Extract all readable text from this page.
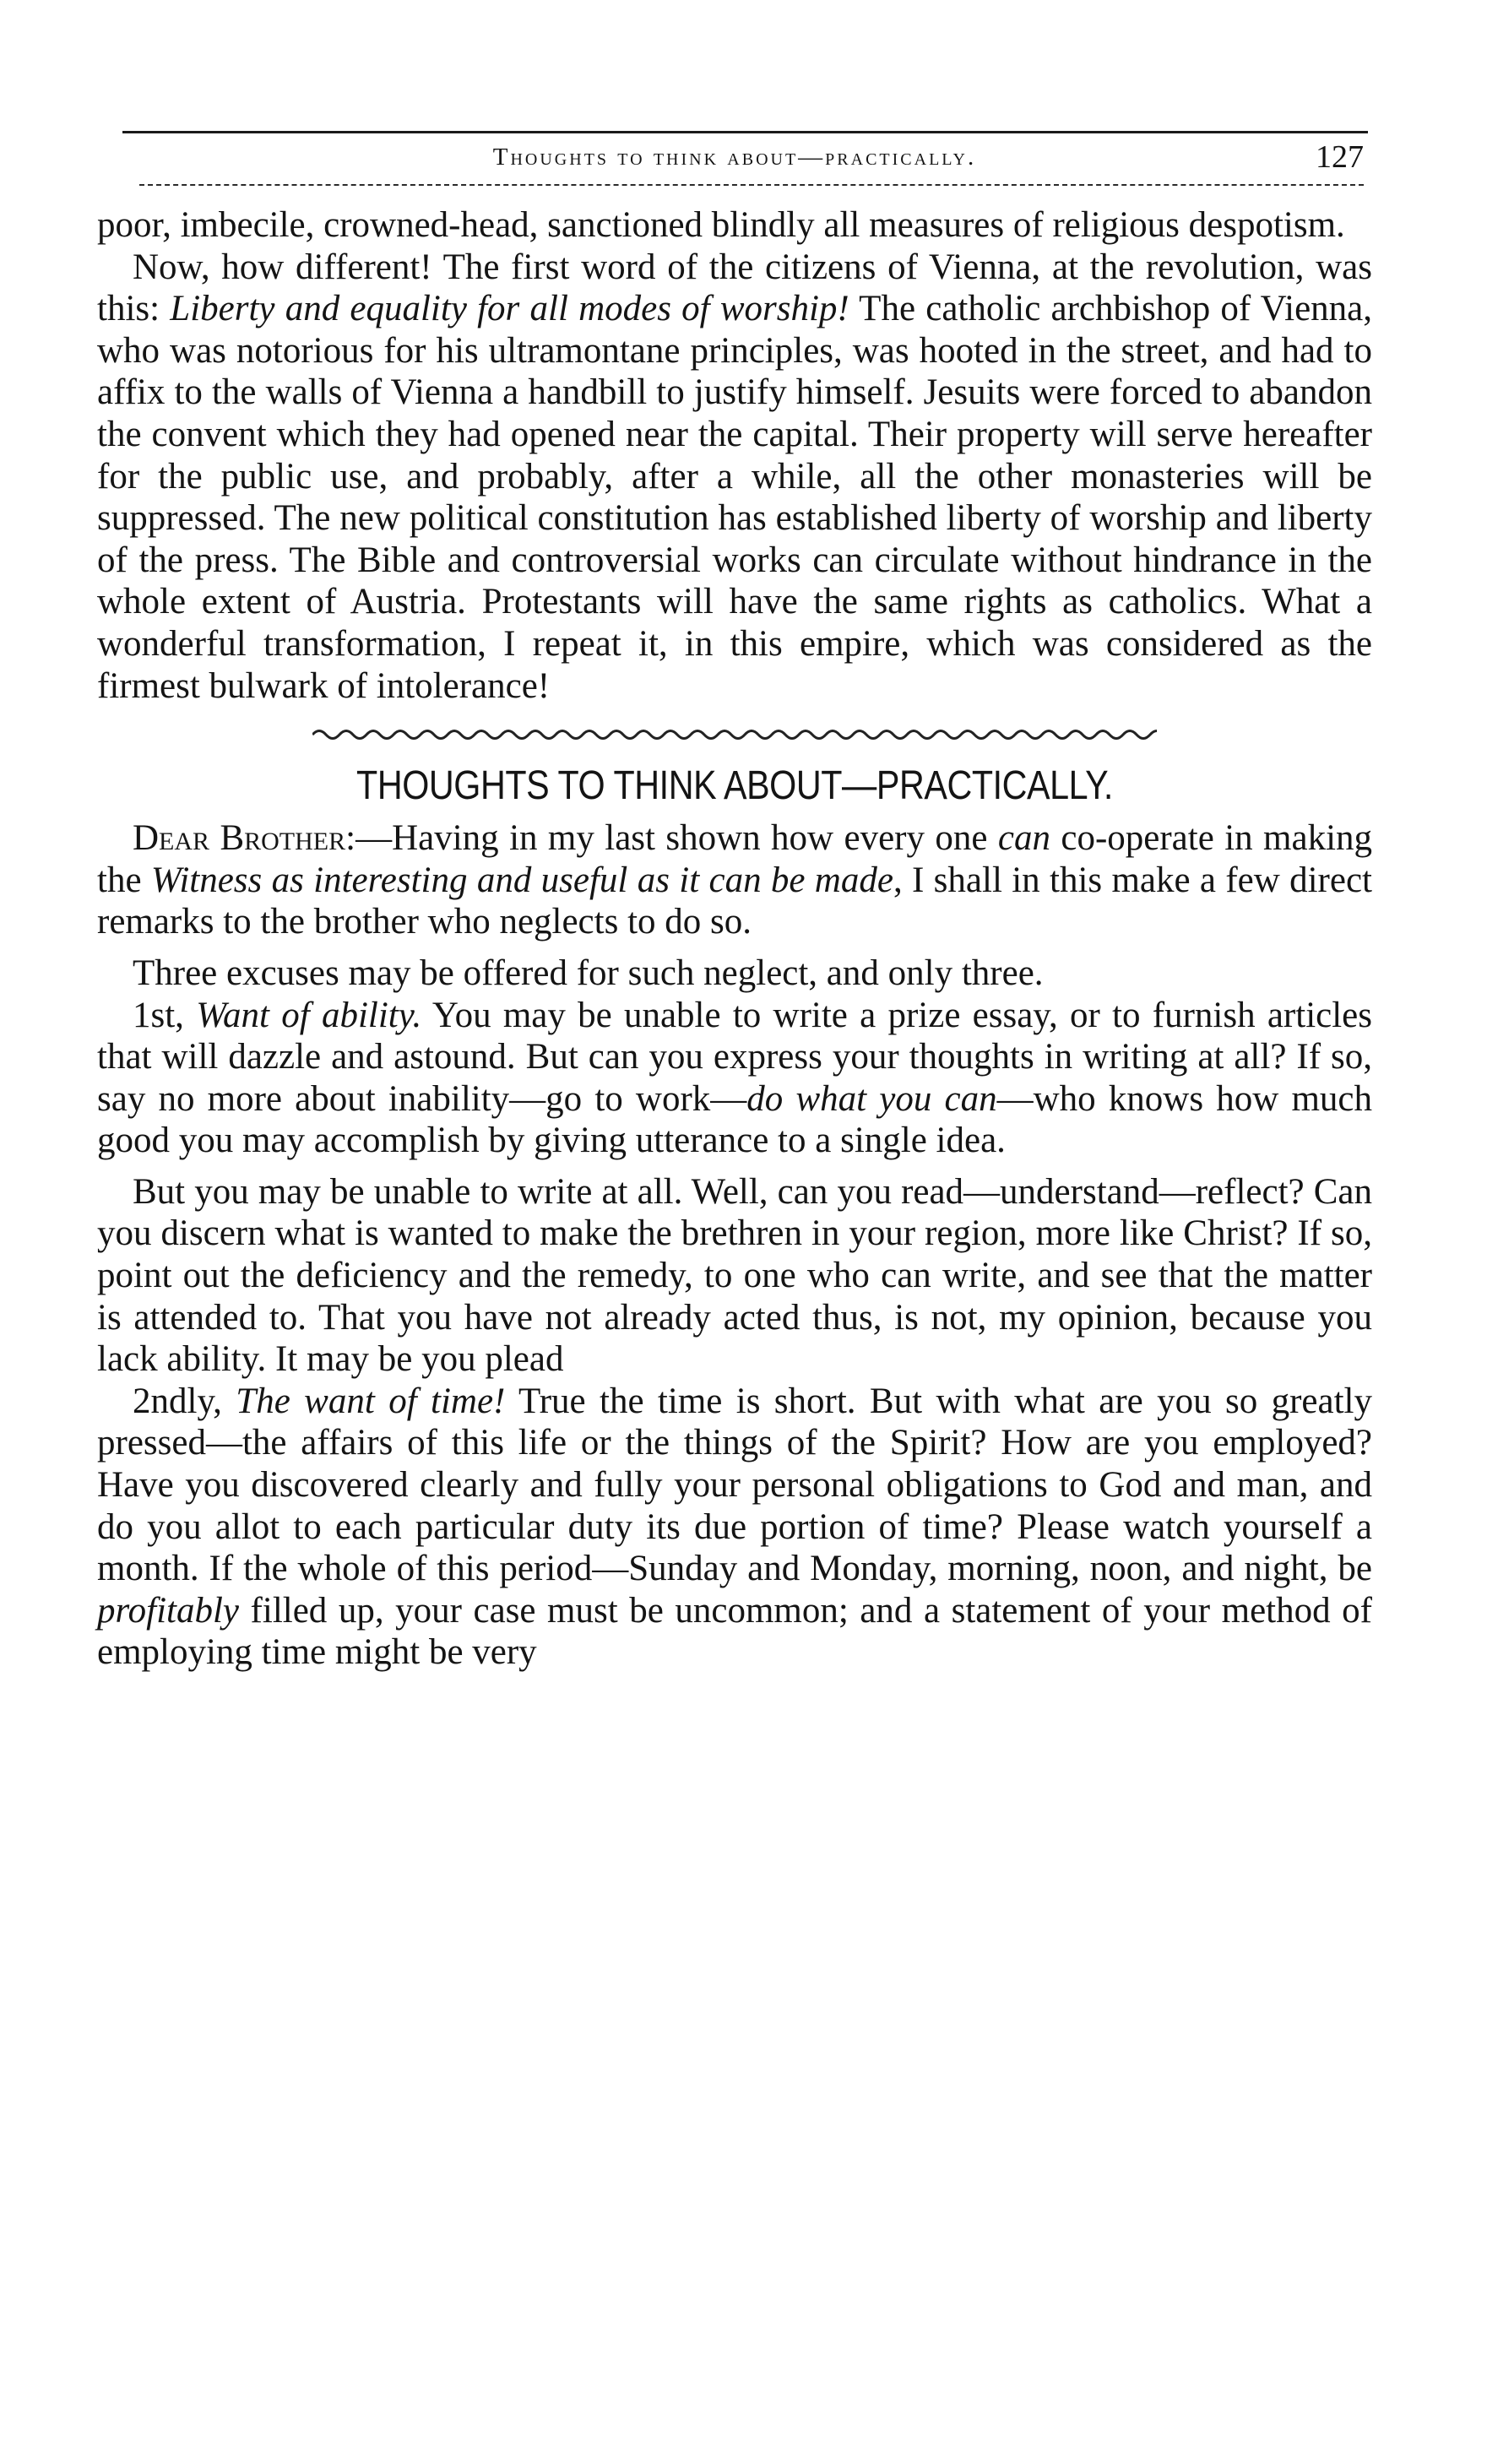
Thoughts to think about—practically.	127

poor, imbecile, crowned-head, sanctioned blindly all measures of religious despotism.

Now, how different! The first word of the citizens of Vienna, at the revolution, was this: Liberty and equality for all modes of worship! The catholic archbishop of Vienna, who was notorious for his ultramontane principles, was hooted in the street, and had to affix to the walls of Vienna a handbill to justify himself. Jesuits were forced to abandon the convent which they had opened near the capital. Their property will serve hereafter for the public use, and probably, after a while, all the other monasteries will be suppressed. The new political constitution has established liberty of worship and liberty of the press. The Bible and controversial works can circulate without hindrance in the whole extent of Austria. Protestants will have the same rights as catholics. What a wonderful transformation, I repeat it, in this empire, which was considered as the firmest bulwark of intolerance!

THOUGHTS TO THINK ABOUT—PRACTICALLY.

Dear Brother:—Having in my last shown how every one can co-operate in making the Witness as interesting and useful as it can be made, I shall in this make a few direct remarks to the brother who neglects to do so.

Three excuses may be offered for such neglect, and only three.

1st, Want of ability. You may be unable to write a prize essay, or to furnish articles that will dazzle and astound. But can you express your thoughts in writing at all? If so, say no more about inability—go to work—do what you can—who knows how much good you may accomplish by giving utterance to a single idea.

But you may be unable to write at all. Well, can you read—understand—reflect? Can you discern what is wanted to make the brethren in your region, more like Christ? If so, point out the deficiency and the remedy, to one who can write, and see that the matter is attended to. That you have not already acted thus, is not, my opinion, because you lack ability. It may be you plead

2ndly, The want of time! True the time is short. But with what are you so greatly pressed—the affairs of this life or the things of the Spirit? How are you employed? Have you discovered clearly and fully your personal obligations to God and man, and do you allot to each particular duty its due portion of time? Please watch yourself a month. If the whole of this period—Sunday and Monday, morning, noon, and night, be profitably filled up, your case must be uncommon; and a statement of your method of employing time might be very
